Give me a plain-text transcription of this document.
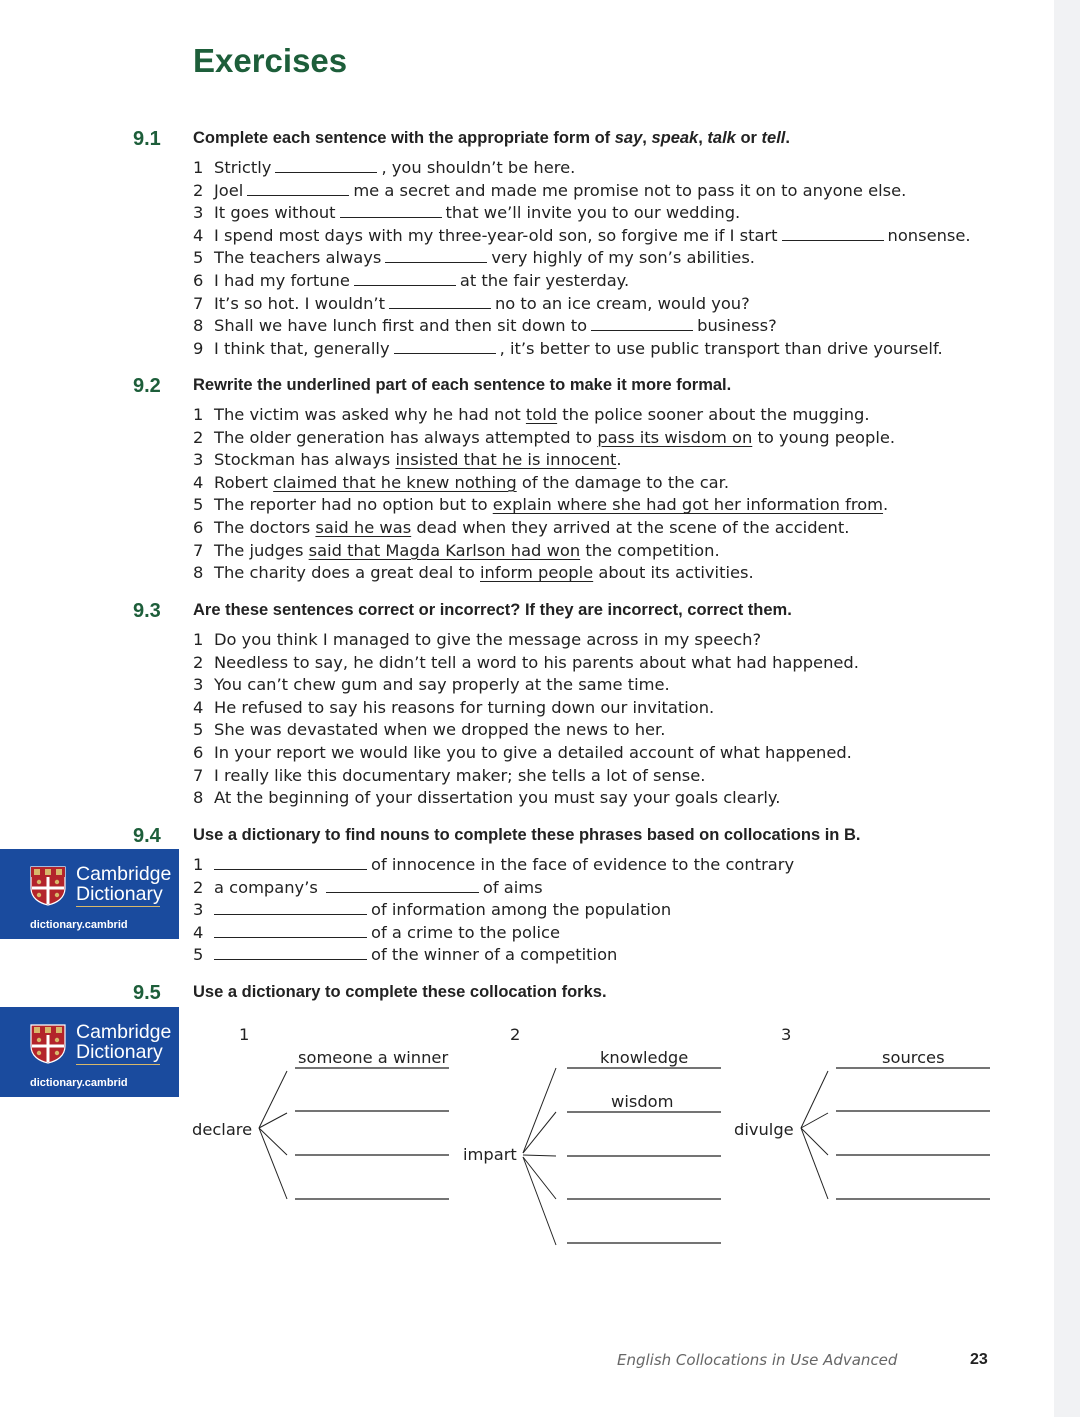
Exercises
9.1 Complete each sentence with the appropriate form of say, speak, talk or tell.
1 Strictly	, you shouldn’t be here.
2 Joel	me a secret and made me promise not to pass it on to anyone else.
3 It goes without	that we’ll invite you to our wedding.
4 I spend most days with my three-year-old son, so forgive me if I start	nonsense.
5 The teachers always	very highly of my son’s abilities.
6 I had my fortune	at the fair yesterday.
7 It’s so hot. I wouldn’t	no to an ice cream, would you?
8 Shall we have lunch first and then sit down to	business?
9 I think that, generally	, it’s better to use public transport than drive yourself.
9.2 Rewrite the underlined part of each sentence to make it more formal.
1 The victim was asked why he had not told the police sooner about the mugging.
2 The older generation has always attempted to pass its wisdom on to young people.
3 Stockman has always insisted that he is innocent.
4 Robert claimed that he knew nothing of the damage to the car.
5 The reporter had no option but to explain where she had got her information from.
6 The doctors said he was dead when they arrived at the scene of the accident.
7 The judges said that Magda Karlson had won the competition.
8 The charity does a great deal to inform people about its activities.
9.3 Are these sentences correct or incorrect? If they are incorrect, correct them.
1 Do you think I managed to give the message across in my speech?
2 Needless to say, he didn’t tell a word to his parents about what had happened.
3 You can’t chew gum and say properly at the same time.
4 He refused to say his reasons for turning down our invitation.
5 She was devastated when we dropped the news to her.
6 In your report we would like you to give a detailed account of what happened.
7 I really like this documentary maker; she tells a lot of sense.
8 At the beginning of your dissertation you must say your goals clearly.
Cambridge
Dictionary
dictionary.cambrid
9.4 Use a dictionary to find nouns to complete these phrases based on collocations in B.
1	of innocence in the face of evidence to the contrary
2 a company’s	of aims
3	of information among the population
4	of a crime to the police
5	of the winner of a competition
Cambridge
Dictionary
dictionary.cambrid
9.5 Use a dictionary to complete these collocation forks.
1
declare
someone a winner
2
impart
knowledge
wisdom
3
divulge
sources
English Collocations in Use Advanced	23
